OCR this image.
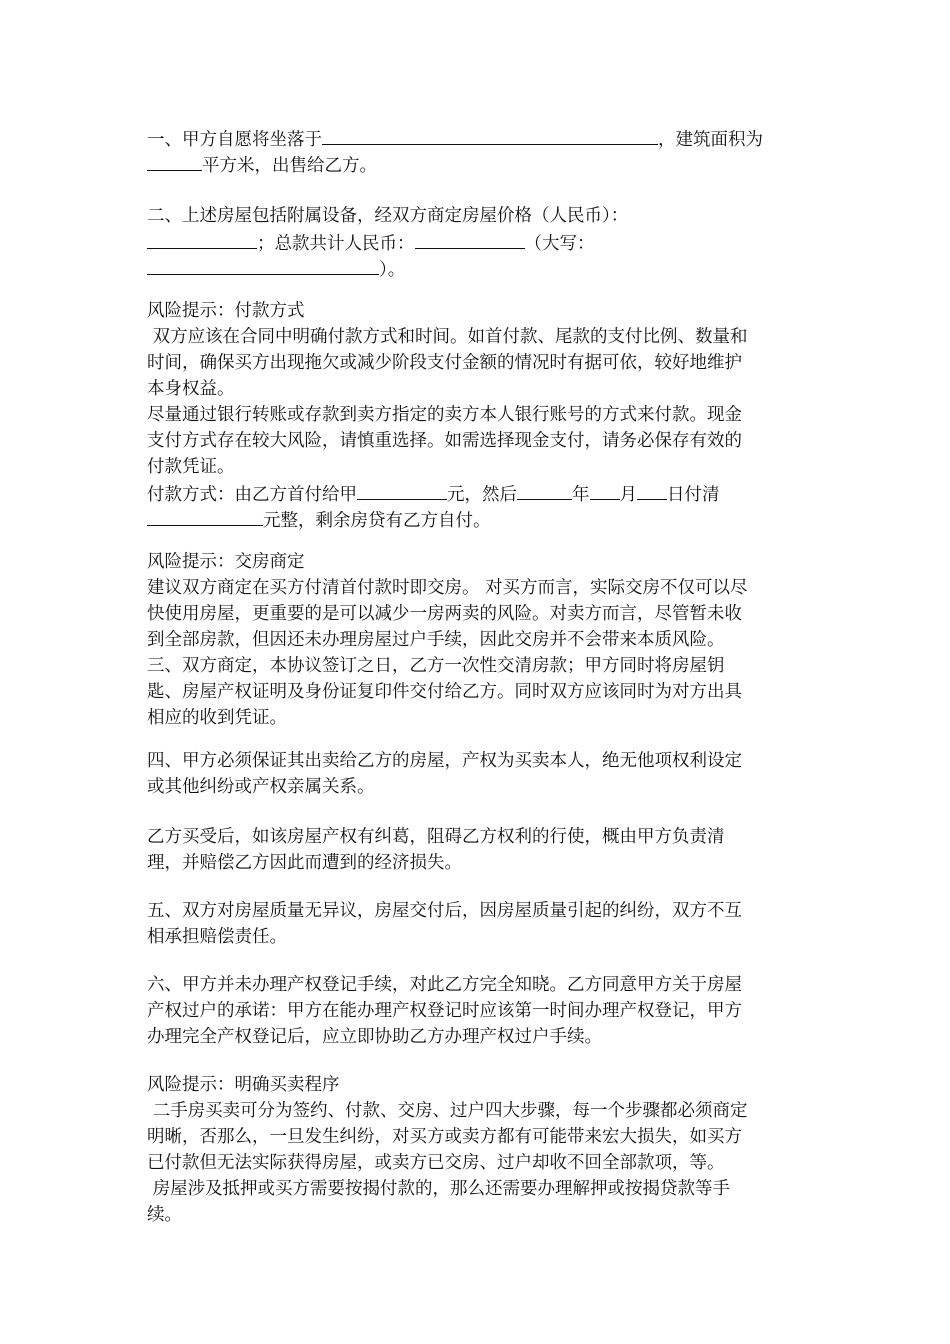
一、甲方自愿将坐落于	，建筑面积为
平方米，出售给乙方。
二、上述房屋包括附属设备，经双方商定房屋价格（人民币）：
；总款共计人民币：	（大写：
）。
风险提示：付款方式
双方应该在合同中明确付款方式和时间。如首付款、尾款的支付比例、数量和
时间，确保买方出现拖欠或减少阶段支付金额的情况时有据可依，较好地维护
本身权益。
尽量通过银行转账或存款到卖方指定的卖方本人银行账号的方式来付款。现金
支付方式存在较大风险，请慎重选择。如需选择现金支付，请务必保存有效的
付款凭证。
付款方式：由乙方首付给甲	元，然后	年 月 日付清
元整，剩余房贷有乙方自付。
风险提示：交房商定
建议双方商定在买方付清首付款时即交房。 对买方而言，实际交房不仅可以尽
快使用房屋，更重要的是可以减少一房两卖的风险。对卖方而言，尽管暂未收
到全部房款，但因还未办理房屋过户手续，因此交房并不会带来本质风险。
三、双方商定，本协议签订之日，乙方一次性交清房款；甲方同时将房屋钥
匙、房屋产权证明及身份证复印件交付给乙方。同时双方应该同时为对方出具
相应的收到凭证。
四、甲方必须保证其出卖给乙方的房屋，产权为买卖本人，绝无他项权利设定
或其他纠纷或产权亲属关系。
乙方买受后，如该房屋产权有纠葛，阻碍乙方权利的行使，概由甲方负责清
理，并赔偿乙方因此而遭到的经济损失。
五、双方对房屋质量无异议，房屋交付后，因房屋质量引起的纠纷，双方不互
相承担赔偿责任。
六、甲方并未办理产权登记手续，对此乙方完全知晓。乙方同意甲方关于房屋
产权过户的承诺：甲方在能办理产权登记时应该第一时间办理产权登记，甲方
办理完全产权登记后，应立即协助乙方办理产权过户手续。
风险提示：明确买卖程序
二手房买卖可分为签约、付款、交房、过户四大步骤，每一个步骤都必须商定
明晰，否那么，一旦发生纠纷，对买方或卖方都有可能带来宏大损失，如买方
已付款但无法实际获得房屋，或卖方已交房、过户却收不回全部款项，等。
房屋涉及抵押或买方需要按揭付款的，那么还需要办理解押或按揭贷款等手
续。
